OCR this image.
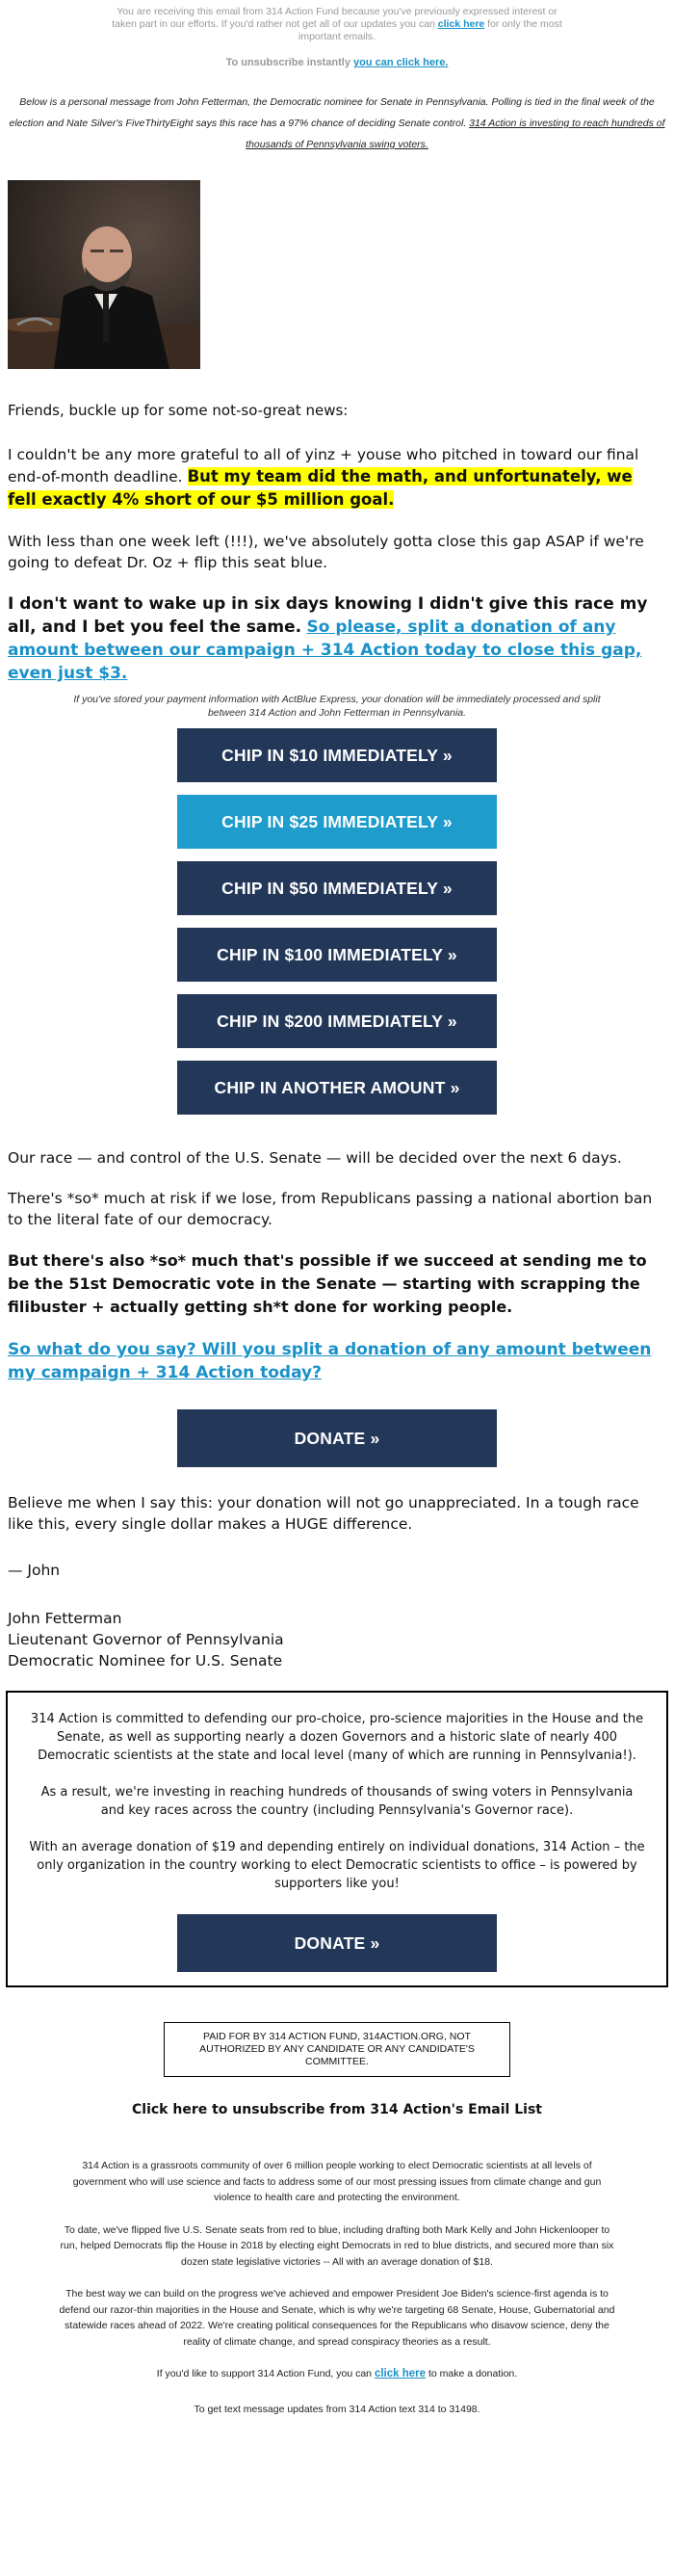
You are receiving this email from 314 Action Fund because you've previously expressed interest or taken part in our efforts. If you'd rather not get all of our updates you can click here for only the most important emails.
To unsubscribe instantly you can click here.
Below is a personal message from John Fetterman, the Democratic nominee for Senate in Pennsylvania. Polling is tied in the final week of the election and Nate Silver's FiveThirtyEight says this race has a 97% chance of deciding Senate control. 314 Action is investing to reach hundreds of thousands of Pennsylvania swing voters.

Friends, buckle up for some not-so-great news:

I couldn't be any more grateful to all of yinz + youse who pitched in toward our final end-of-month deadline. But my team did the math, and unfortunately, we fell exactly 4% short of our $5 million goal.

With less than one week left (!!!), we've absolutely gotta close this gap ASAP if we're going to defeat Dr. Oz + flip this seat blue.

I don't want to wake up in six days knowing I didn't give this race my all, and I bet you feel the same. So please, split a donation of any amount between our campaign + 314 Action today to close this gap, even just $3.

If you've stored your payment information with ActBlue Express, your donation will be immediately processed and split between 314 Action and John Fetterman in Pennsylvania.

CHIP IN $10 IMMEDIATELY »
CHIP IN $25 IMMEDIATELY »
CHIP IN $50 IMMEDIATELY »
CHIP IN $100 IMMEDIATELY »
CHIP IN $200 IMMEDIATELY »
CHIP IN ANOTHER AMOUNT »

Our race — and control of the U.S. Senate — will be decided over the next 6 days.

There's *so* much at risk if we lose, from Republicans passing a national abortion ban to the literal fate of our democracy.

But there's also *so* much that's possible if we succeed at sending me to be the 51st Democratic vote in the Senate — starting with scrapping the filibuster + actually getting sh*t done for working people.

So what do you say? Will you split a donation of any amount between my campaign + 314 Action today?

DONATE »

Believe me when I say this: your donation will not go unappreciated. In a tough race like this, every single dollar makes a HUGE difference.

— John

John Fetterman

Lieutenant Governor of Pennsylvania

Democratic Nominee for U.S. Senate

314 Action is committed to defending our pro-choice, pro-science majorities in the House and the Senate, as well as supporting nearly a dozen Governors and a historic slate of nearly 400 Democratic scientists at the state and local level (many of which are running in Pennsylvania!).

As a result, we're investing in reaching hundreds of thousands of swing voters in Pennsylvania and key races across the country (including Pennsylvania's Governor race).

With an average donation of $19 and depending entirely on individual donations, 314 Action – the only organization in the country working to elect Democratic scientists to office – is powered by supporters like you!

DONATE »
PAID FOR BY 314 ACTION FUND, 314ACTION.ORG, NOT AUTHORIZED BY ANY CANDIDATE OR ANY CANDIDATE'S COMMITTEE.

Click here to unsubscribe from 314 Action's Email List

314 Action is a grassroots community of over 6 million people working to elect Democratic scientists at all levels of government who will use science and facts to address some of our most pressing issues from climate change and gun violence to health care and protecting the environment.

To date, we've flipped five U.S. Senate seats from red to blue, including drafting both Mark Kelly and John Hickenlooper to run, helped Democrats flip the House in 2018 by electing eight Democrats in red to blue districts, and secured more than six dozen state legislative victories -- All with an average donation of $18.

The best way we can build on the progress we've achieved and empower President Joe Biden's science-first agenda is to defend our razor-thin majorities in the House and Senate, which is why we're targeting 68 Senate, House, Gubernatorial and statewide races ahead of 2022. We're creating political consequences for the Republicans who disavow science, deny the reality of climate change, and spread conspiracy theories as a result.

If you'd like to support 314 Action Fund, you can click here to make a donation.

To get text message updates from 314 Action text 314 to 31498.
